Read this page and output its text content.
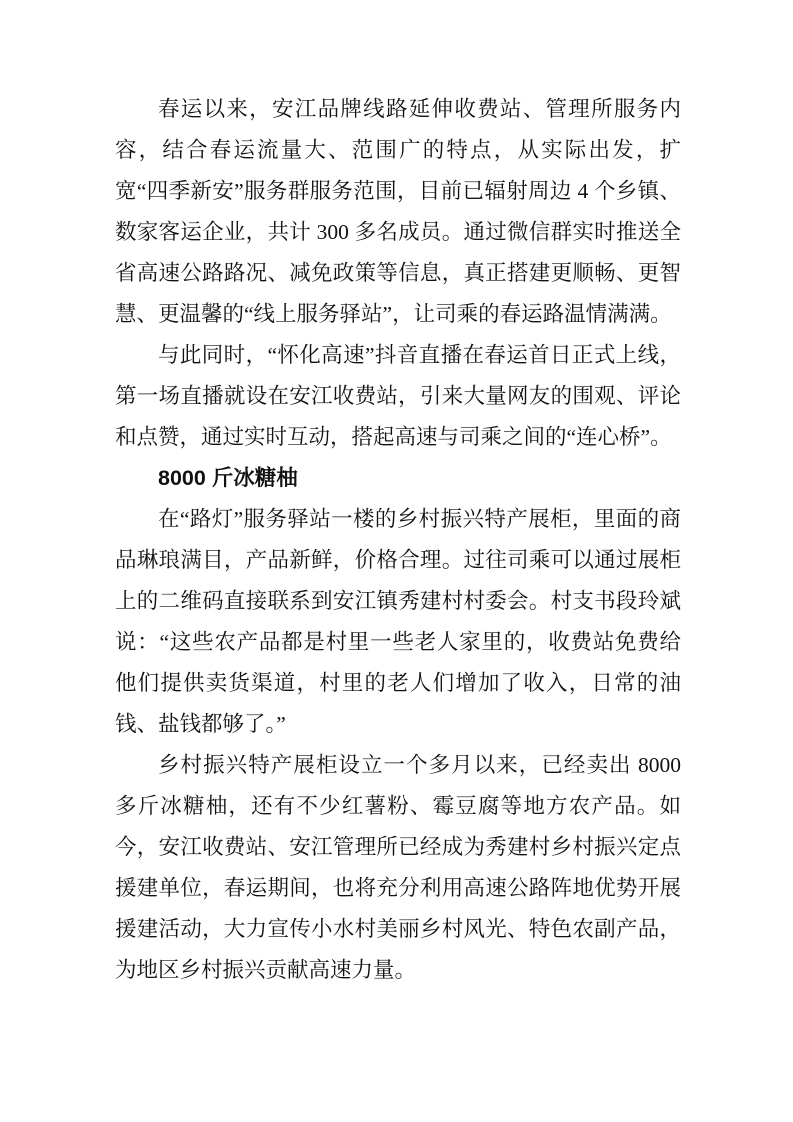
春运以来，安江品牌线路延伸收费站、管理所服务内容，结合春运流量大、范围广的特点，从实际出发，扩宽“四季新安”服务群服务范围，目前已辐射周边 4 个乡镇、数家客运企业，共计 300 多名成员。通过微信群实时推送全省高速公路路况、减免政策等信息，真正搭建更顺畅、更智慧、更温馨的“线上服务驿站”，让司乘的春运路温情满满。

与此同时，“怀化高速”抖音直播在春运首日正式上线，第一场直播就设在安江收费站，引来大量网友的围观、评论和点赞，通过实时互动，搭起高速与司乘之间的“连心桥”。

8000 斤冰糖柚

在“路灯”服务驿站一楼的乡村振兴特产展柜，里面的商品琳琅满目，产品新鲜，价格合理。过往司乘可以通过展柜上的二维码直接联系到安江镇秀建村村委会。村支书段玲斌说：“这些农产品都是村里一些老人家里的，收费站免费给他们提供卖货渠道，村里的老人们增加了收入，日常的油钱、盐钱都够了。”

乡村振兴特产展柜设立一个多月以来，已经卖出 8000 多斤冰糖柚，还有不少红薯粉、霉豆腐等地方农产品。如今，安江收费站、安江管理所已经成为秀建村乡村振兴定点援建单位，春运期间，也将充分利用高速公路阵地优势开展援建活动，大力宣传小水村美丽乡村风光、特色农副产品，为地区乡村振兴贡献高速力量。
